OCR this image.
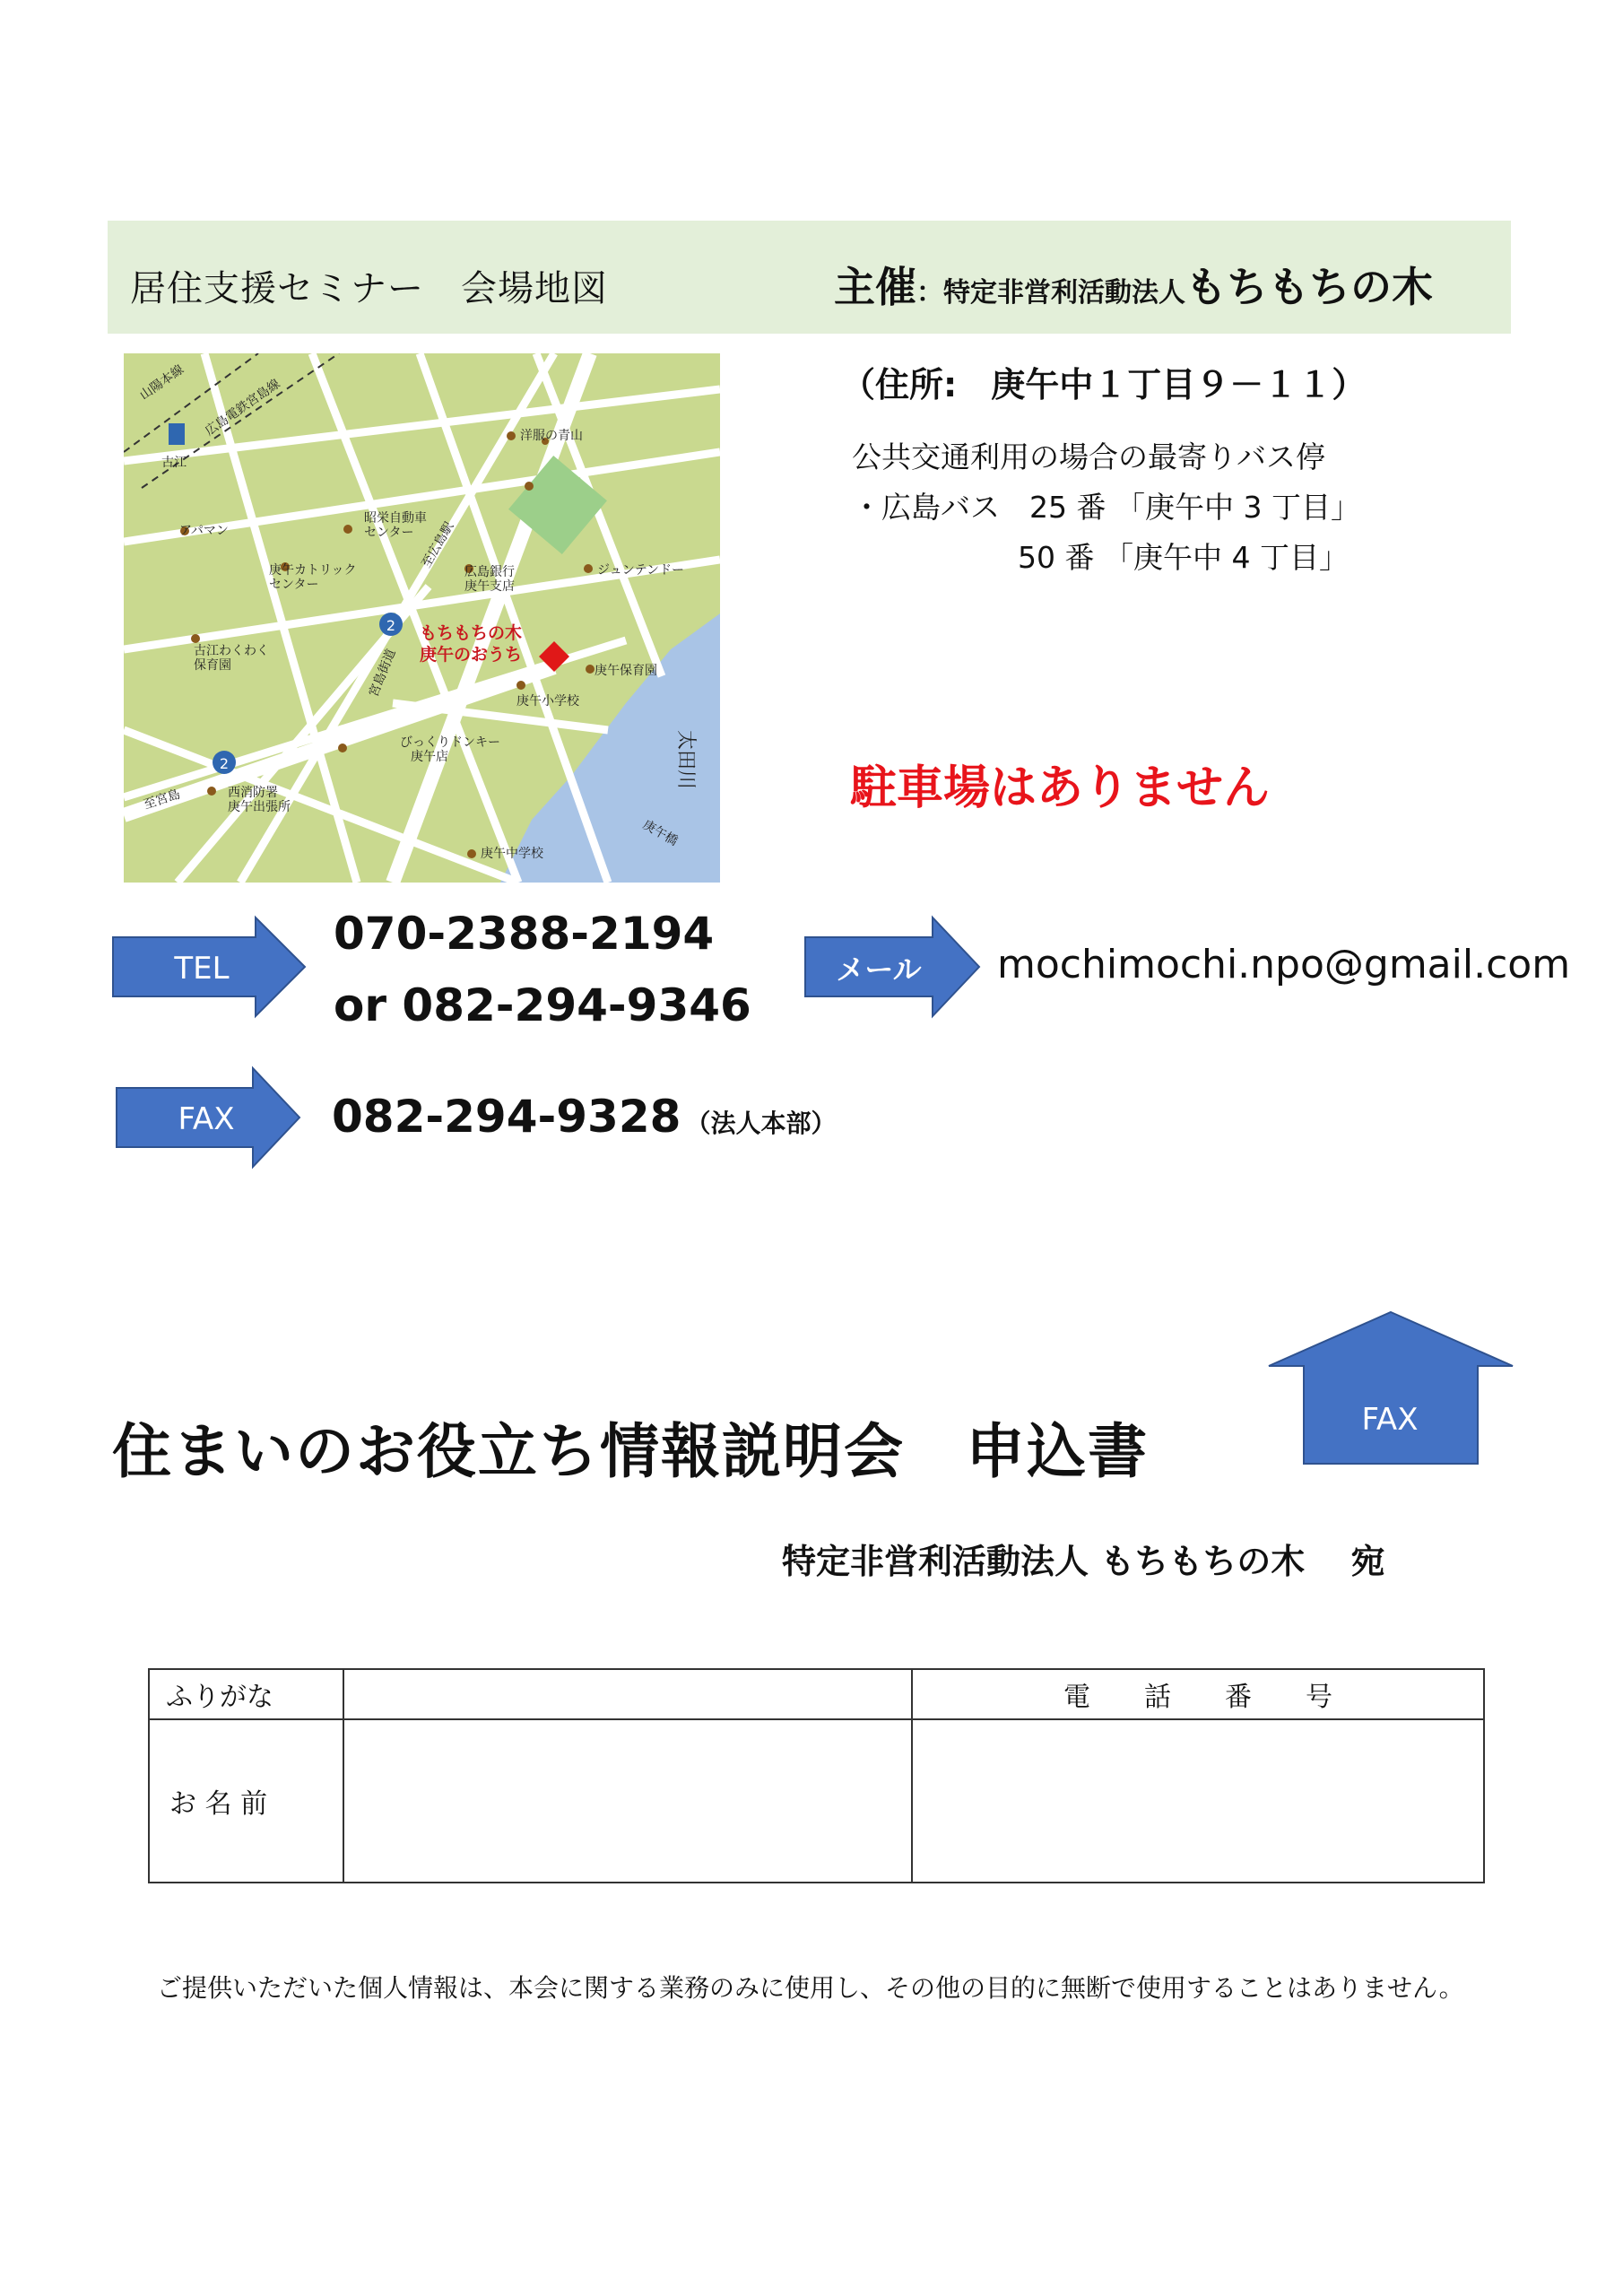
居住支援セミナー　会場地図	主催：特定非営利活動法人もちもちの木
2
2
山陽本線 広島電鉄宮島線
古江
洋服の青山
アパマン
昭栄自動車
センター
庚午カトリック
センター
広島銀行
庚午支店
ジュンテンドー
古江わくわく
保育園	宮島街道
至広島駅
庚午保育園
庚午小学校
びっくりドンキー
庚午店
至宮島	西消防署
庚午出張所
庚午中学校
太田川
庚午橋
もちもちの木
庚午のおうち
（住所:　庚午中１丁目９－１１）
公共交通利用の場合の最寄りバス停
・広島バス　25 番 「庚午中 3 丁目」
50 番 「庚午中 4 丁目」
駐車場はありません
TEL
070-2388-2194
or 082-294-9346
メール	mochimochi.npo@gmail.com
FAX	082-294-9328 （法人本部）
住まいのお役立ち情報説明会　申込書	FAX
特定非営利活動法人 もちもちの木　 宛
ふりがな		電　　話　　番　　号
お 名 前		
ご提供いただいた個人情報は、本会に関する業務のみに使用し、その他の目的に無断で使用することはありません。
